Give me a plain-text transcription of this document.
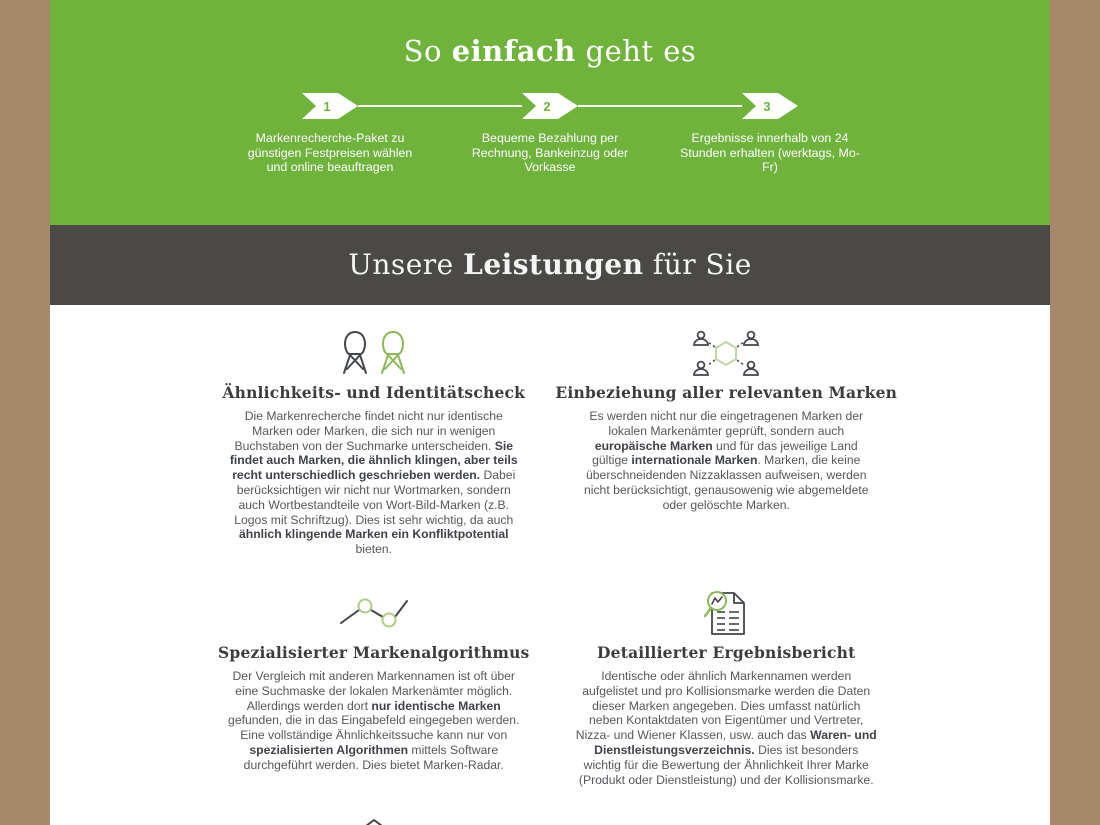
So einfach geht es
1

Markenrecherche-Paket zu günstigen Festpreisen wählen und online beauftragen

2

Bequeme Bezahlung per Rechnung, Bankeinzug oder Vorkasse

3

Ergebnisse innerhalb von 24 Stunden erhalten (werktags, Mo-Fr)

Unsere Leistungen für Sie
Ähnlichkeits- und Identitätscheck

Die Markenrecherche findet nicht nur identische Marken oder Marken, die sich nur in wenigen Buchstaben von der Suchmarke unterscheiden. Sie findet auch Marken, die ähnlich klingen, aber teils recht unterschiedlich geschrieben werden. Dabei berücksichtigen wir nicht nur Wortmarken, sondern auch Wortbestandteile von Wort-Bild-Marken (z.B. Logos mit Schriftzug). Dies ist sehr wichtig, da auch ähnlich klingende Marken ein Konfliktpotential bieten.

Einbeziehung aller relevanten Marken

Es werden nicht nur die eingetragenen Marken der lokalen Markenämter geprüft, sondern auch europäische Marken und für das jeweilige Land gültige internationale Marken. Marken, die keine überschneidenden Nizzaklassen aufweisen, werden nicht berücksichtigt, genausowenig wie abgemeldete oder gelöschte Marken.

Spezialisierter Markenalgorithmus

Der Vergleich mit anderen Markennamen ist oft über eine Suchmaske der lokalen Markenämter möglich. Allerdings werden dort nur identische Marken gefunden, die in das Eingabefeld eingegeben werden. Eine vollständige Ähnlichkeitssuche kann nur von spezialisierten Algorithmen mittels Software durchgeführt werden. Dies bietet Marken-Radar.

Detaillierter Ergebnisbericht

Identische oder ähnlich Markennamen werden aufgelistet und pro Kollisionsmarke werden die Daten dieser Marken angegeben. Dies umfasst natürlich neben Kontaktdaten von Eigentümer und Vertreter, Nizza- und Wiener Klassen, usw. auch das Waren- und Dienstleistungsverzeichnis. Dies ist besonders wichtig für die Bewertung der Ähnlichkeit Ihrer Marke (Produkt oder Dienstleistung) und der Kollisionsmarke.
